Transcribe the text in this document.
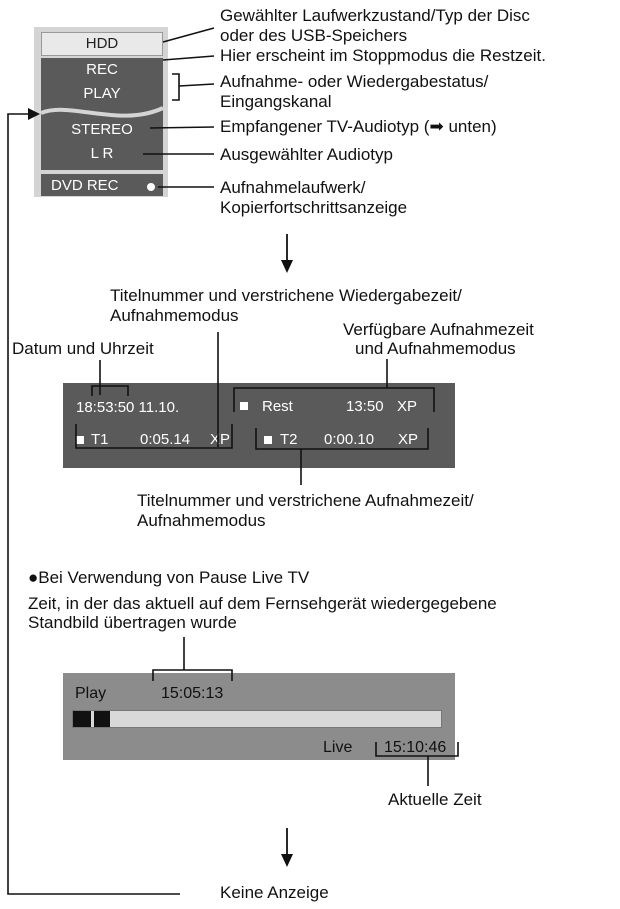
HDD
REC
PLAY
STEREO
L R
DVD REC
Gewählter Laufwerkzustand/Typ der Disc
oder des USB-Speichers
Hier erscheint im Stoppmodus die Restzeit.
Aufnahme- oder Wiedergabestatus/
Eingangskanal
Empfangener TV-Audiotyp (➡ unten)
Ausgewählter Audiotyp
Aufnahmelaufwerk/
Kopierfortschrittsanzeige
Titelnummer und verstrichene Wiedergabezeit/
Aufnahmemodus
Verfügbare Aufnahmezeit
und Aufnahmemodus
Datum und Uhrzeit
18:53:50 11.10.	Rest	13:50 XP
T1 0:05.14 XP	T2 0:00.10 XP
Titelnummer und verstrichene Aufnahmezeit/
Aufnahmemodus
●Bei Verwendung von Pause Live TV
Zeit, in der das aktuell auf dem Fernsehgerät wiedergegebene
Standbild übertragen wurde
Play	15:05:13
Live 15:10:46
Aktuelle Zeit
Keine Anzeige
